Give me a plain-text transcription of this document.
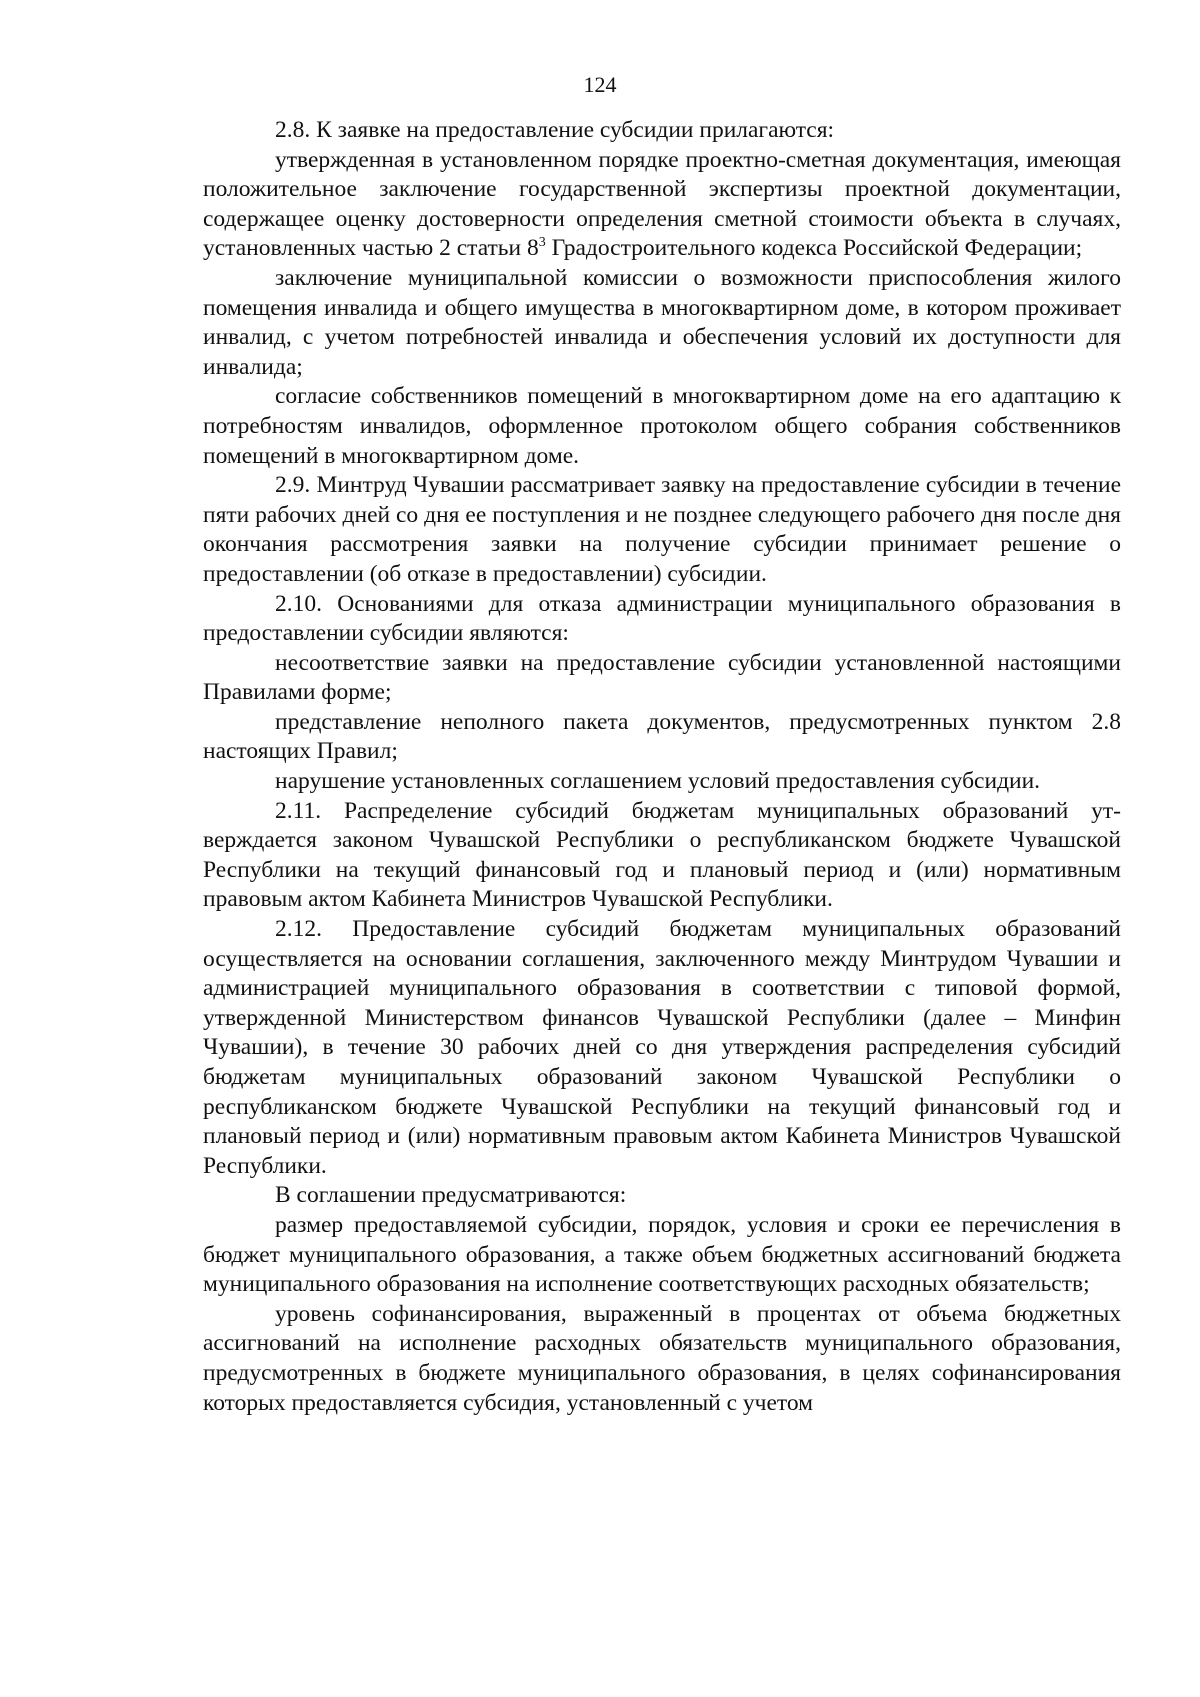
124

2.8. К заявке на предоставление субсидии прилагаются:

утвержденная в установленном порядке проектно-сметная документация, имеющая положительное заключение государственной экспертизы проектной документации, содержащее оценку достоверности определения сметной стоимости объекта в случаях, установленных частью 2 статьи $8^3$ Градостроительного кодекса Российской Федерации;

заключение муниципальной комиссии о возможности приспособления жилого помещения инвалида и общего имущества в многоквартирном доме, в котором проживает инвалид, с учетом потребностей инвалида и обеспечения условий их доступности для инвалида;

согласие собственников помещений в многоквартирном доме на его адаптацию к потребностям инвалидов, оформленное протоколом общего собрания собственников помещений в многоквартирном доме.

2.9. Минтруд Чувашии рассматривает заявку на предоставление субсидии в течение пяти рабочих дней со дня ее поступления и не позднее следующего рабочего дня после дня окончания рассмотрения заявки на получение субсидии принимает решение о предоставлении (об отказе в предоставлении) субсидии.

2.10. Основаниями для отказа администрации муниципального образования в предоставлении субсидии являются:

несоответствие заявки на предоставление субсидии установленной настоящими Правилами форме;

представление неполного пакета документов, предусмотренных пунктом 2.8 настоящих Правил;

нарушение установленных соглашением условий предоставления субсидии.

2.11. Распределение субсидий бюджетам муниципальных образований утверждается законом Чувашской Республики о республиканском бюджете Чувашской Республики на текущий финансовый год и плановый период и (или) нормативным правовым актом Кабинета Министров Чувашской Республики.

2.12. Предоставление субсидий бюджетам муниципальных образований осуществляется на основании соглашения, заключенного между Минтрудом Чувашии и администрацией муниципального образования в соответствии с типовой формой, утвержденной Министерством финансов Чувашской Республики (далее – Минфин Чувашии), в течение 30 рабочих дней со дня утверждения распределения субсидий бюджетам муниципальных образований законом Чувашской Республики о республиканском бюджете Чувашской Республики на текущий финансовый год и плановый период и (или) нормативным правовым актом Кабинета Министров Чувашской Республики.

В соглашении предусматриваются:

размер предоставляемой субсидии, порядок, условия и сроки ее перечисления в бюджет муниципального образования, а также объем бюджетных ассигнований бюджета муниципального образования на исполнение соответствующих расходных обязательств;

уровень софинансирования, выраженный в процентах от объема бюджетных ассигнований на исполнение расходных обязательств муниципального образования, предусмотренных в бюджете муниципального образования, в целях софинансирования которых предоставляется субсидия, установленный с учетом
